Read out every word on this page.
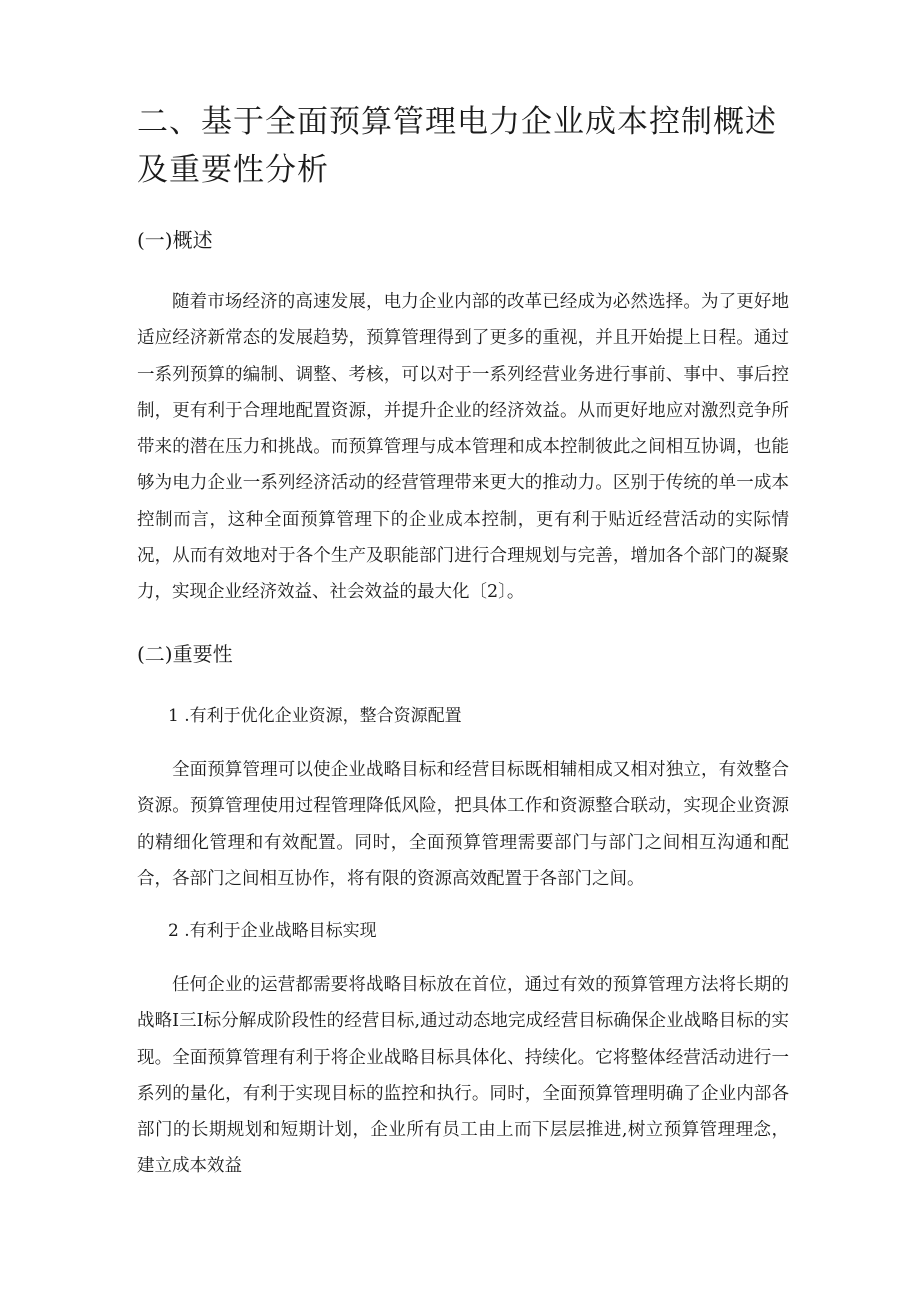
二、基于全面预算管理电力企业成本控制概述及重要性分析
(一)概述

随着市场经济的高速发展，电力企业内部的改革已经成为必然选择。为了更好地适应经济新常态的发展趋势，预算管理得到了更多的重视，并且开始提上日程。通过一系列预算的编制、调整、考核，可以对于一系列经营业务进行事前、事中、事后控制，更有利于合理地配置资源，并提升企业的经济效益。从而更好地应对激烈竞争所带来的潜在压力和挑战。而预算管理与成本管理和成本控制彼此之间相互协调，也能够为电力企业一系列经济活动的经营管理带来更大的推动力。区别于传统的单一成本控制而言，这种全面预算管理下的企业成本控制，更有利于贴近经营活动的实际情况，从而有效地对于各个生产及职能部门进行合理规划与完善，增加各个部门的凝聚力，实现企业经济效益、社会效益的最大化〔2〕。

(二)重要性
1 .有利于优化企业资源，整合资源配置

全面预算管理可以使企业战略目标和经营目标既相辅相成又相对独立，有效整合资源。预算管理使用过程管理降低风险，把具体工作和资源整合联动，实现企业资源的精细化管理和有效配置。同时，全面预算管理需要部门与部门之间相互沟通和配合，各部门之间相互协作，将有限的资源高效配置于各部门之间。

2 .有利于企业战略目标实现

任何企业的运营都需要将战略目标放在首位，通过有效的预算管理方法将长期的战略I三I标分解成阶段性的经营目标,通过动态地完成经营目标确保企业战略目标的实现。全面预算管理有利于将企业战略目标具体化、持续化。它将整体经营活动进行一系列的量化，有利于实现目标的监控和执行。同时，全面预算管理明确了企业内部各部门的长期规划和短期计划，企业所有员工由上而下层层推进,树立预算管理理念，建立成本效益
